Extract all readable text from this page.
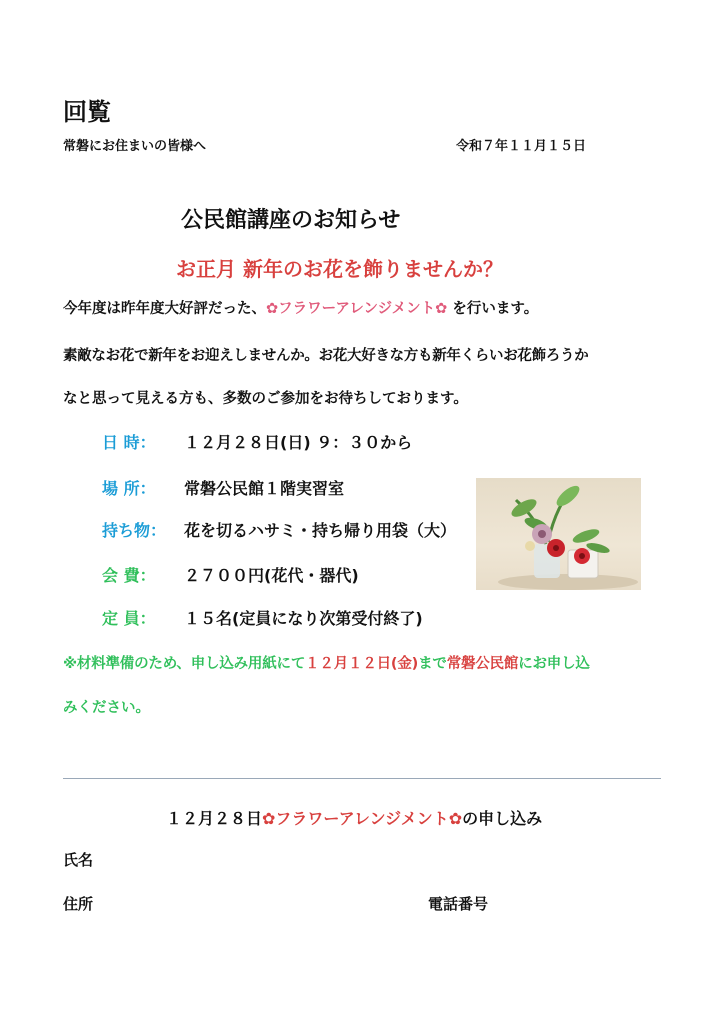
回覧
常磐にお住まいの皆様へ	令和７年１１月１５日
公民館講座のお知らせ
お正月 新年のお花を飾りませんか？
今年度は昨年度大好評だった、✿フラワーアレンジメント✿ を行います。
素敵なお花で新年をお迎えしませんか。お花大好きな方も新年くらいお花飾ろうか
なと思って見える方も、多数のご参加をお待ちしております。
日 時： １２月２８日(日) ９：３０から
場 所： 常磐公民館１階実習室
持ち物： 花を切るハサミ・持ち帰り用袋（大）
会 費： ２７００円(花代・器代)
定 員： １５名(定員になり次第受付終了)
※材料準備のため、申し込み用紙にて１２月１２日(金)まで常磐公民館にお申し込
みください。
１２月２８日✿フラワーアレンジメント✿の申し込み
氏名
住所	電話番号
